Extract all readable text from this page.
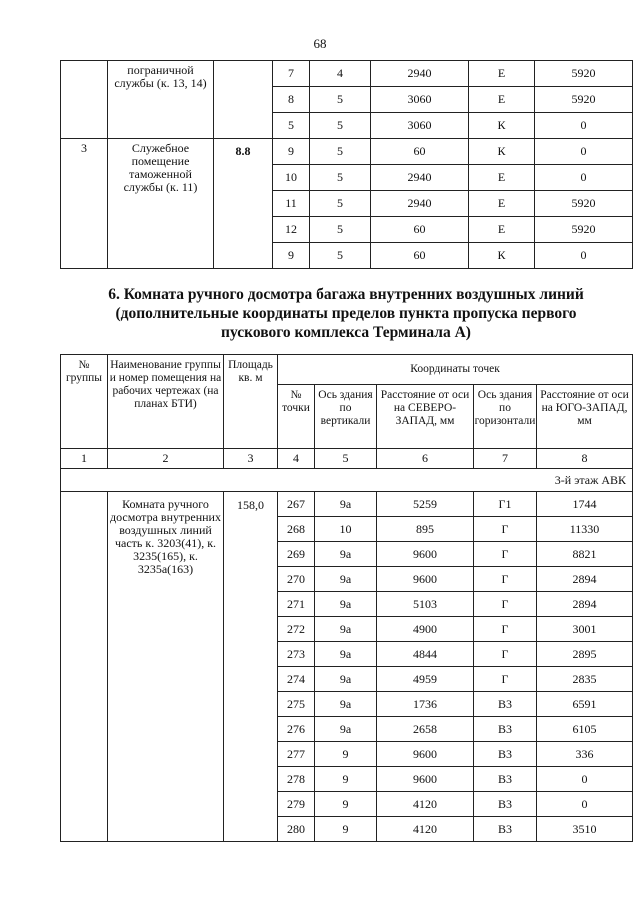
68
	пограничной службы (к. 13, 14)		7	4	2940	Е	5920
			8	5	3060	Е	5920
			5	5	3060	К	0
3	Служебное помещение таможенной службы (к. 11)	8.8	9	5	60	К	0
			10	5	2940	Е	0
			11	5	2940	Е	5920
			12	5	60	Е	5920
			9	5	60	К	0
6. Комната ручного досмотра багажа внутренних воздушных линий
(дополнительные координаты пределов пункта пропуска первого
пускового комплекса Терминала А)
№ группы	Наименование группы и номер помещения на рабочих чертежах (на планах БТИ)	Площадь кв. м	Координаты точек				
			№ точки	Ось здания по вертикали	Расстояние от оси на СЕВЕРО-ЗАПАД, мм	Ось здания по горизонтали	Расстояние от оси на ЮГО-ЗАПАД, мм
1	2	3	4	5	6	7	8
3-й этаж АВК							
	Комната ручного досмотра внутренних воздушных линий часть к. 3203(41), к. 3235(165), к. 3235а(163)	158,0	267	9а	5259	Г1	1744
			268	10	895	Г	11330
			269	9а	9600	Г	8821
			270	9а	9600	Г	2894
			271	9а	5103	Г	2894
			272	9а	4900	Г	3001
			273	9а	4844	Г	2895
			274	9а	4959	Г	2835
			275	9а	1736	В3	6591
			276	9а	2658	В3	6105
			277	9	9600	В3	336
			278	9	9600	В3	0
			279	9	4120	В3	0
			280	9	4120	В3	3510
